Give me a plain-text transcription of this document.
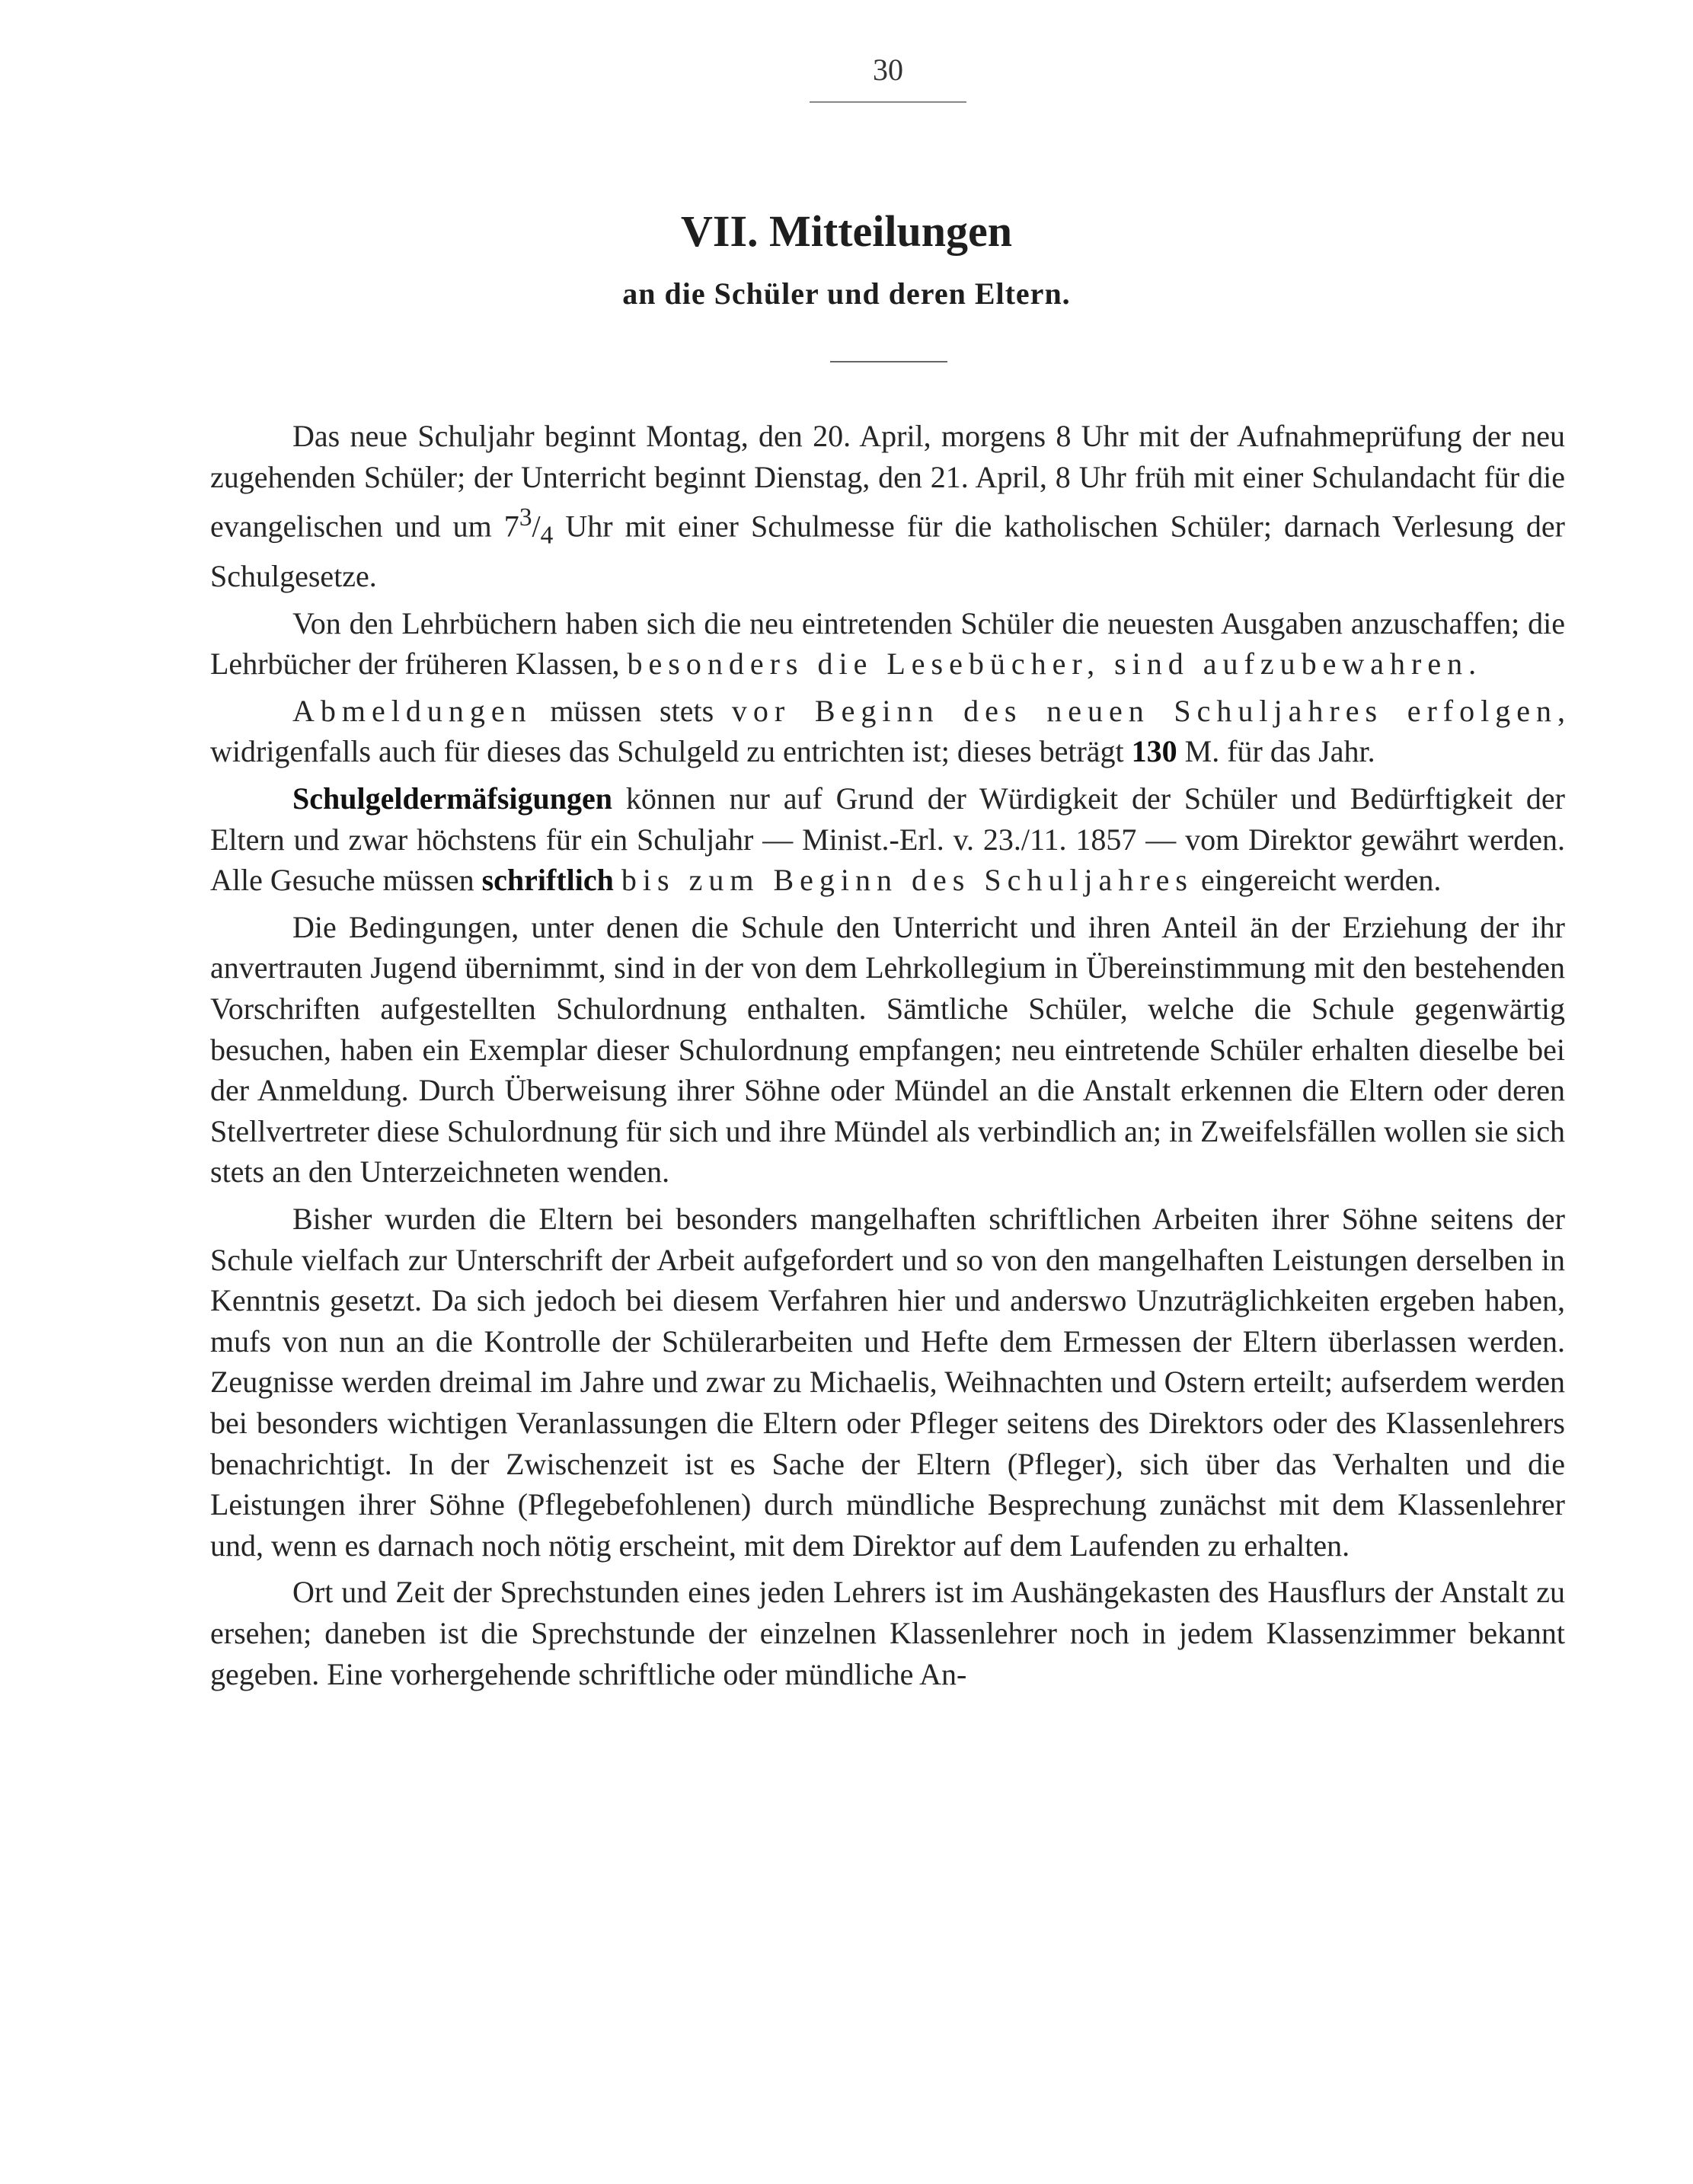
30
VII. Mitteilungen
an die Schüler und deren Eltern.

Das neue Schuljahr beginnt Montag, den 20. April, morgens 8 Uhr mit der Aufnahmeprüfung der neu zugehenden Schüler; der Unterricht beginnt Dienstag, den 21. April, 8 Uhr früh mit einer Schulandacht für die evangelischen und um $7^3/_4$ Uhr mit einer Schulmesse für die katholischen Schüler; darnach Verlesung der Schulgesetze.

Von den Lehrbüchern haben sich die neu eintretenden Schüler die neuesten Ausgaben anzuschaffen; die Lehrbücher der früheren Klassen, besonders die Lesebücher, sind aufzubewahren.

Abmeldungen müssen stets vor Beginn des neuen Schuljahres erfolgen, widrigenfalls auch für dieses das Schulgeld zu entrichten ist; dieses beträgt 130 M. für das Jahr.

Schulgeldermäfsigungen können nur auf Grund der Würdigkeit der Schüler und Bedürftigkeit der Eltern und zwar höchstens für ein Schuljahr — Minist.-Erl. v. 23./11. 1857 — vom Direktor gewährt werden. Alle Gesuche müssen schriftlich bis zum Beginn des Schuljahres eingereicht werden.

Die Bedingungen, unter denen die Schule den Unterricht und ihren Anteil än der Erziehung der ihr anvertrauten Jugend übernimmt, sind in der von dem Lehrkollegium in Übereinstimmung mit den bestehenden Vorschriften aufgestellten Schulordnung enthalten. Sämtliche Schüler, welche die Schule gegenwärtig besuchen, haben ein Exemplar dieser Schulordnung empfangen; neu eintretende Schüler erhalten dieselbe bei der Anmeldung. Durch Überweisung ihrer Söhne oder Mündel an die Anstalt erkennen die Eltern oder deren Stellvertreter diese Schulordnung für sich und ihre Mündel als verbindlich an; in Zweifelsfällen wollen sie sich stets an den Unterzeichneten wenden.

Bisher wurden die Eltern bei besonders mangelhaften schriftlichen Arbeiten ihrer Söhne seitens der Schule vielfach zur Unterschrift der Arbeit aufgefordert und so von den mangelhaften Leistungen derselben in Kenntnis gesetzt. Da sich jedoch bei diesem Verfahren hier und anderswo Unzuträglichkeiten ergeben haben, mufs von nun an die Kontrolle der Schülerarbeiten und Hefte dem Ermessen der Eltern überlassen werden. Zeugnisse werden dreimal im Jahre und zwar zu Michaelis, Weihnachten und Ostern erteilt; aufserdem werden bei besonders wichtigen Veranlassungen die Eltern oder Pfleger seitens des Direktors oder des Klassenlehrers benachrichtigt. In der Zwischenzeit ist es Sache der Eltern (Pfleger), sich über das Verhalten und die Leistungen ihrer Söhne (Pflegebefohlenen) durch mündliche Besprechung zunächst mit dem Klassenlehrer und, wenn es darnach noch nötig erscheint, mit dem Direktor auf dem Laufenden zu erhalten.

Ort und Zeit der Sprechstunden eines jeden Lehrers ist im Aushängekasten des Hausflurs der Anstalt zu ersehen; daneben ist die Sprechstunde der einzelnen Klassenlehrer noch in jedem Klassenzimmer bekannt gegeben. Eine vorhergehende schriftliche oder mündliche An-
